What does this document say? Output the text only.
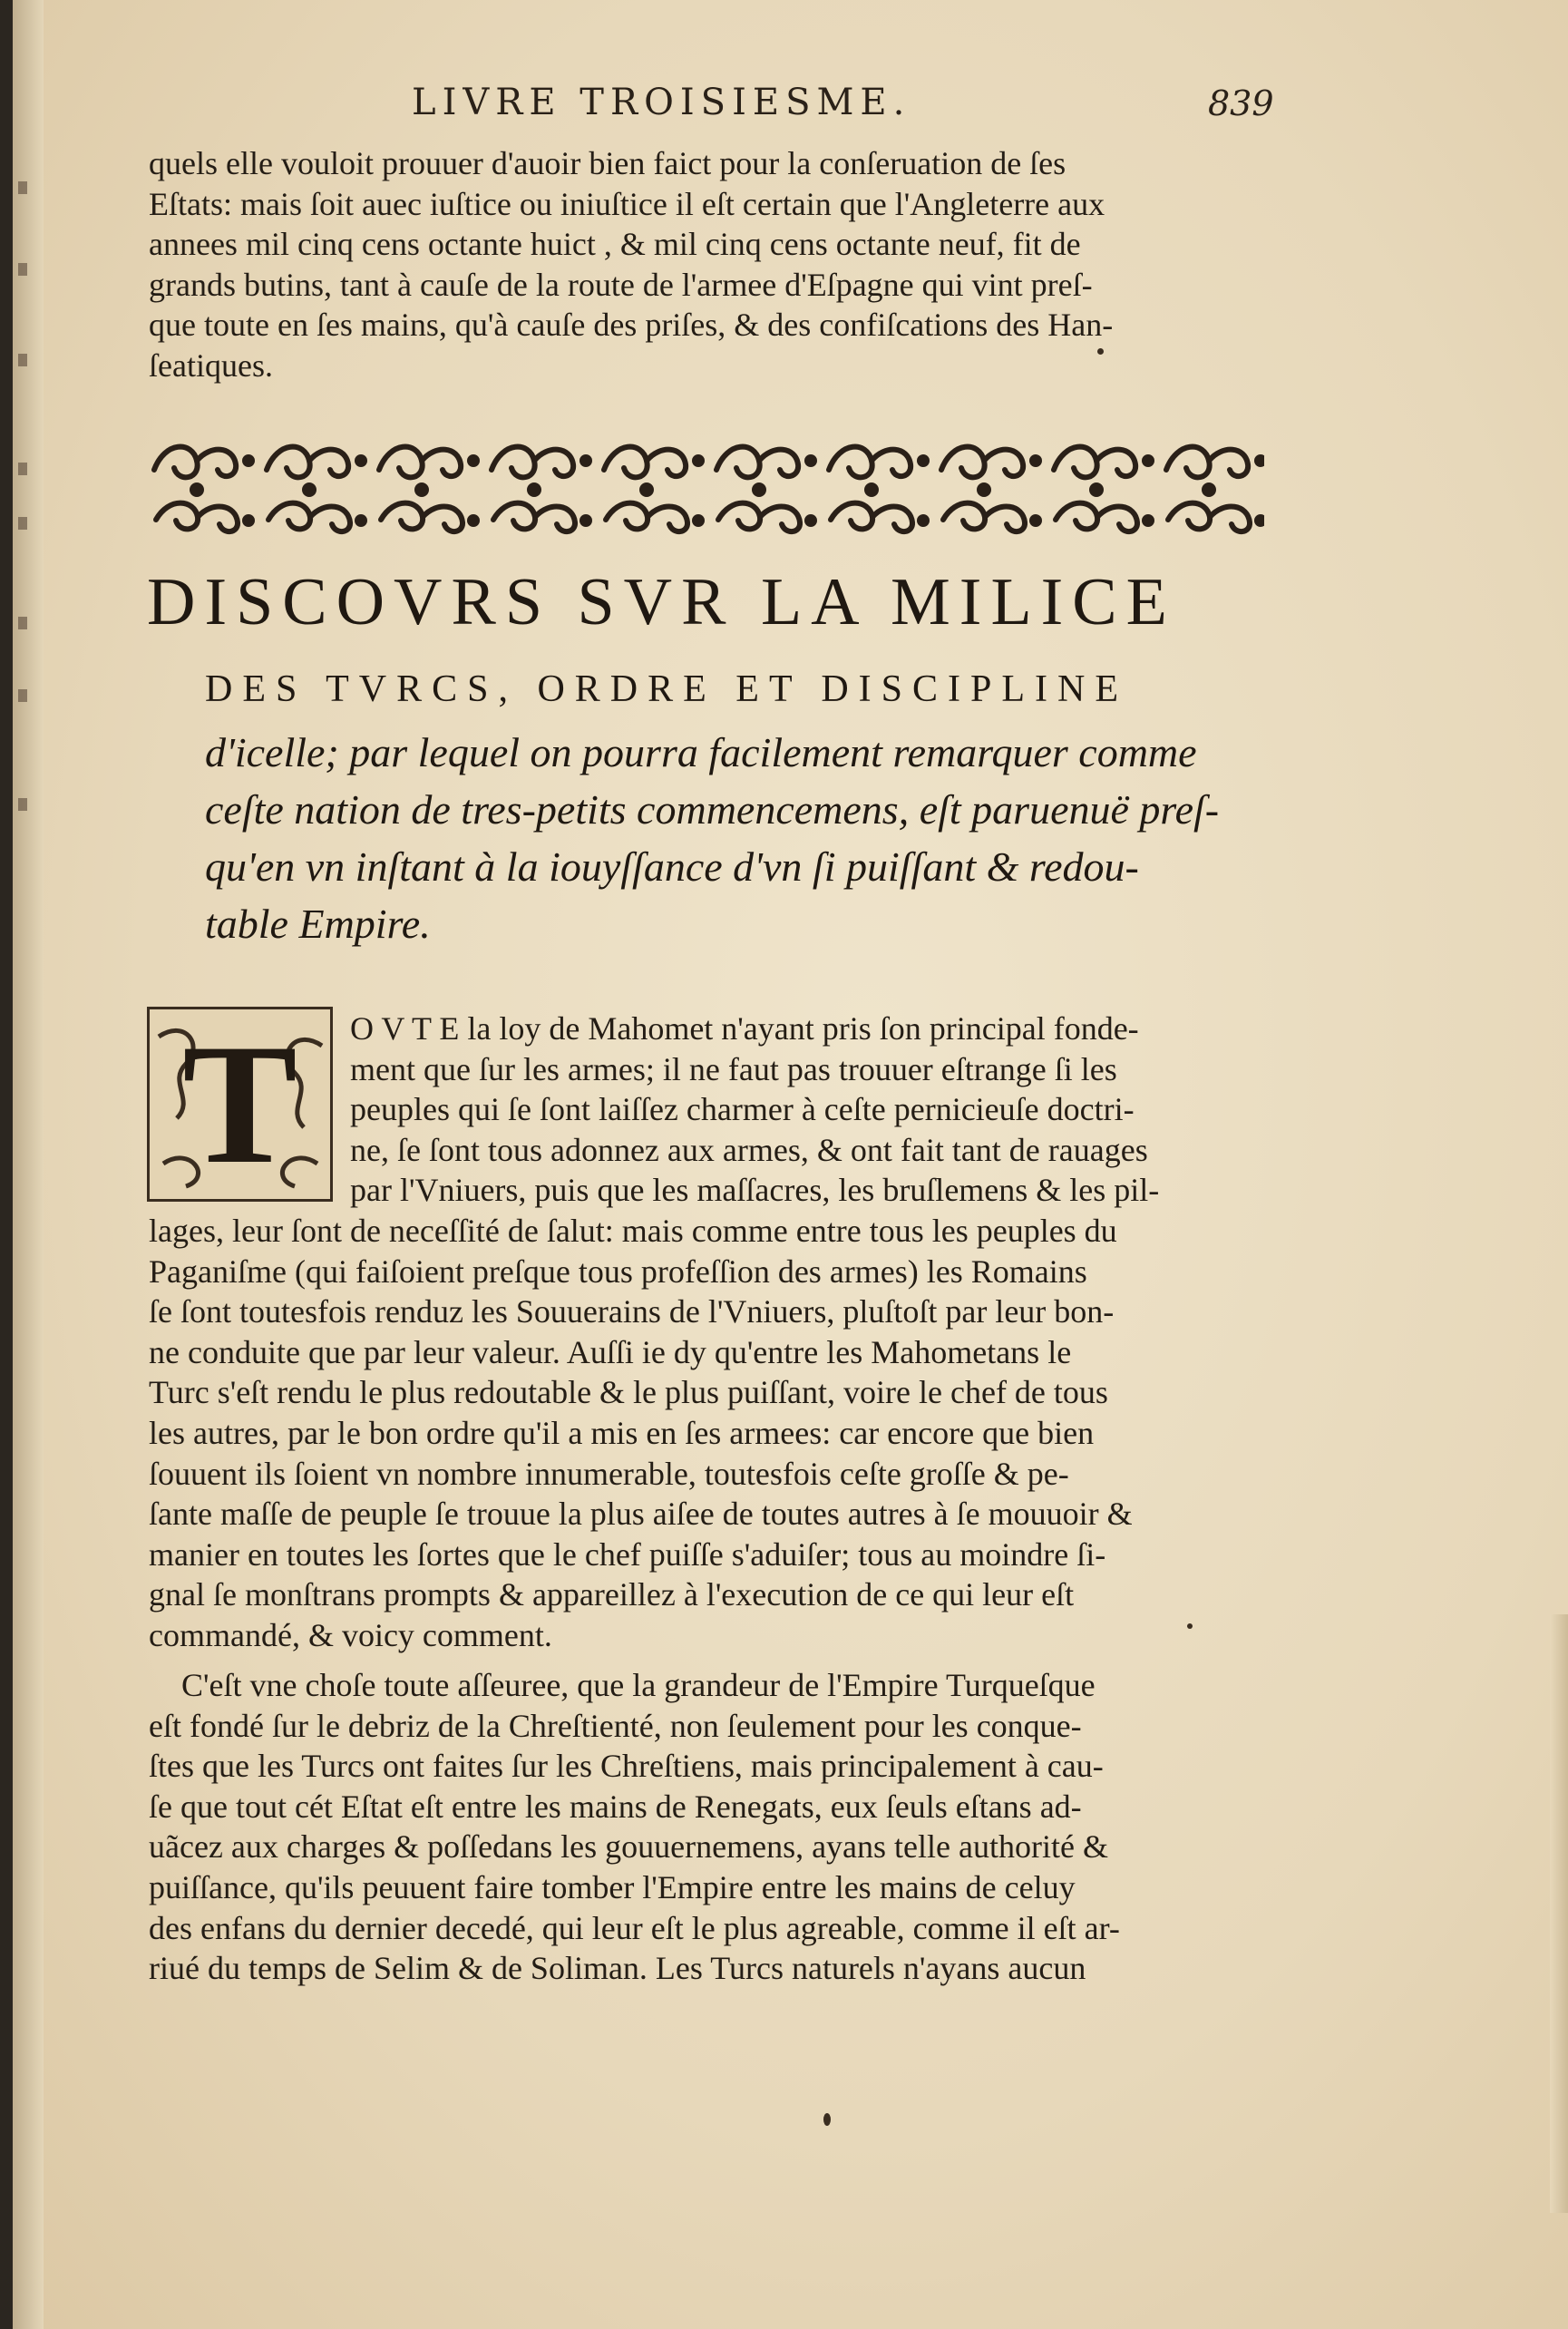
LIVRE TROISIESME.	839
quels elle vouloit prouuer d'auoir bien faict pour la conſeruation de ſes
Eſtats: mais ſoit auec iuſtice ou iniuſtice il eſt certain que l'Angleterre aux
annees mil cinq cens octante huict , & mil cinq cens octante neuf, fit de
grands butins, tant à cauſe de la route de l'armee d'Eſpagne qui vint preſ-
que toute en ſes mains, qu'à cauſe des priſes, & des confiſcations des Han-
ſeatiques.
DISCOVRS SVR LA MILICE
DES TVRCS, ORDRE ET DISCIPLINE
d'icelle; par lequel on pourra facilement remarquer comme
ceſte nation de tres-petits commencemens, eſt paruenuë preſ-
qu'en vn inſtant à la iouyſſance d'vn ſi puiſſant & redou-
table Empire.
T	O V T E la loy de Mahomet n'ayant pris ſon principal fonde-
ment que ſur les armes; il ne faut pas trouuer eſtrange ſi les
peuples qui ſe ſont laiſſez charmer à ceſte pernicieuſe doctri-
ne, ſe ſont tous adonnez aux armes, & ont fait tant de rauages
par l'Vniuers, puis que les maſſacres, les bruſlemens & les pil-
lages, leur ſont de neceſſité de ſalut: mais comme entre tous les peuples du
Paganiſme (qui faiſoient preſque tous profeſſion des armes) les Romains
ſe ſont toutesfois renduz les Souuerains de l'Vniuers, pluſtoſt par leur bon-
ne conduite que par leur valeur. Auſſi ie dy qu'entre les Mahometans le
Turc s'eſt rendu le plus redoutable & le plus puiſſant, voire le chef de tous
les autres, par le bon ordre qu'il a mis en ſes armees: car encore que bien
ſouuent ils ſoient vn nombre innumerable, toutesfois ceſte groſſe & pe-
ſante maſſe de peuple ſe trouue la plus aiſee de toutes autres à ſe mouuoir &
manier en toutes les ſortes que le chef puiſſe s'aduiſer; tous au moindre ſi-
gnal ſe monſtrans prompts & appareillez à l'execution de ce qui leur eſt
commandé, & voicy comment.
C'eſt vne choſe toute aſſeuree, que la grandeur de l'Empire Turqueſque
eſt fondé ſur le debriz de la Chreſtienté, non ſeulement pour les conque-
ſtes que les Turcs ont faites ſur les Chreſtiens, mais principalement à cau-
ſe que tout cét Eſtat eſt entre les mains de Renegats, eux ſeuls eſtans ad-
uãcez aux charges & poſſedans les gouuernemens, ayans telle authorité &
puiſſance, qu'ils peuuent faire tomber l'Empire entre les mains de celuy
des enfans du dernier decedé, qui leur eſt le plus agreable, comme il eſt ar-
riué du temps de Selim & de Soliman. Les Turcs naturels n'ayans aucun
